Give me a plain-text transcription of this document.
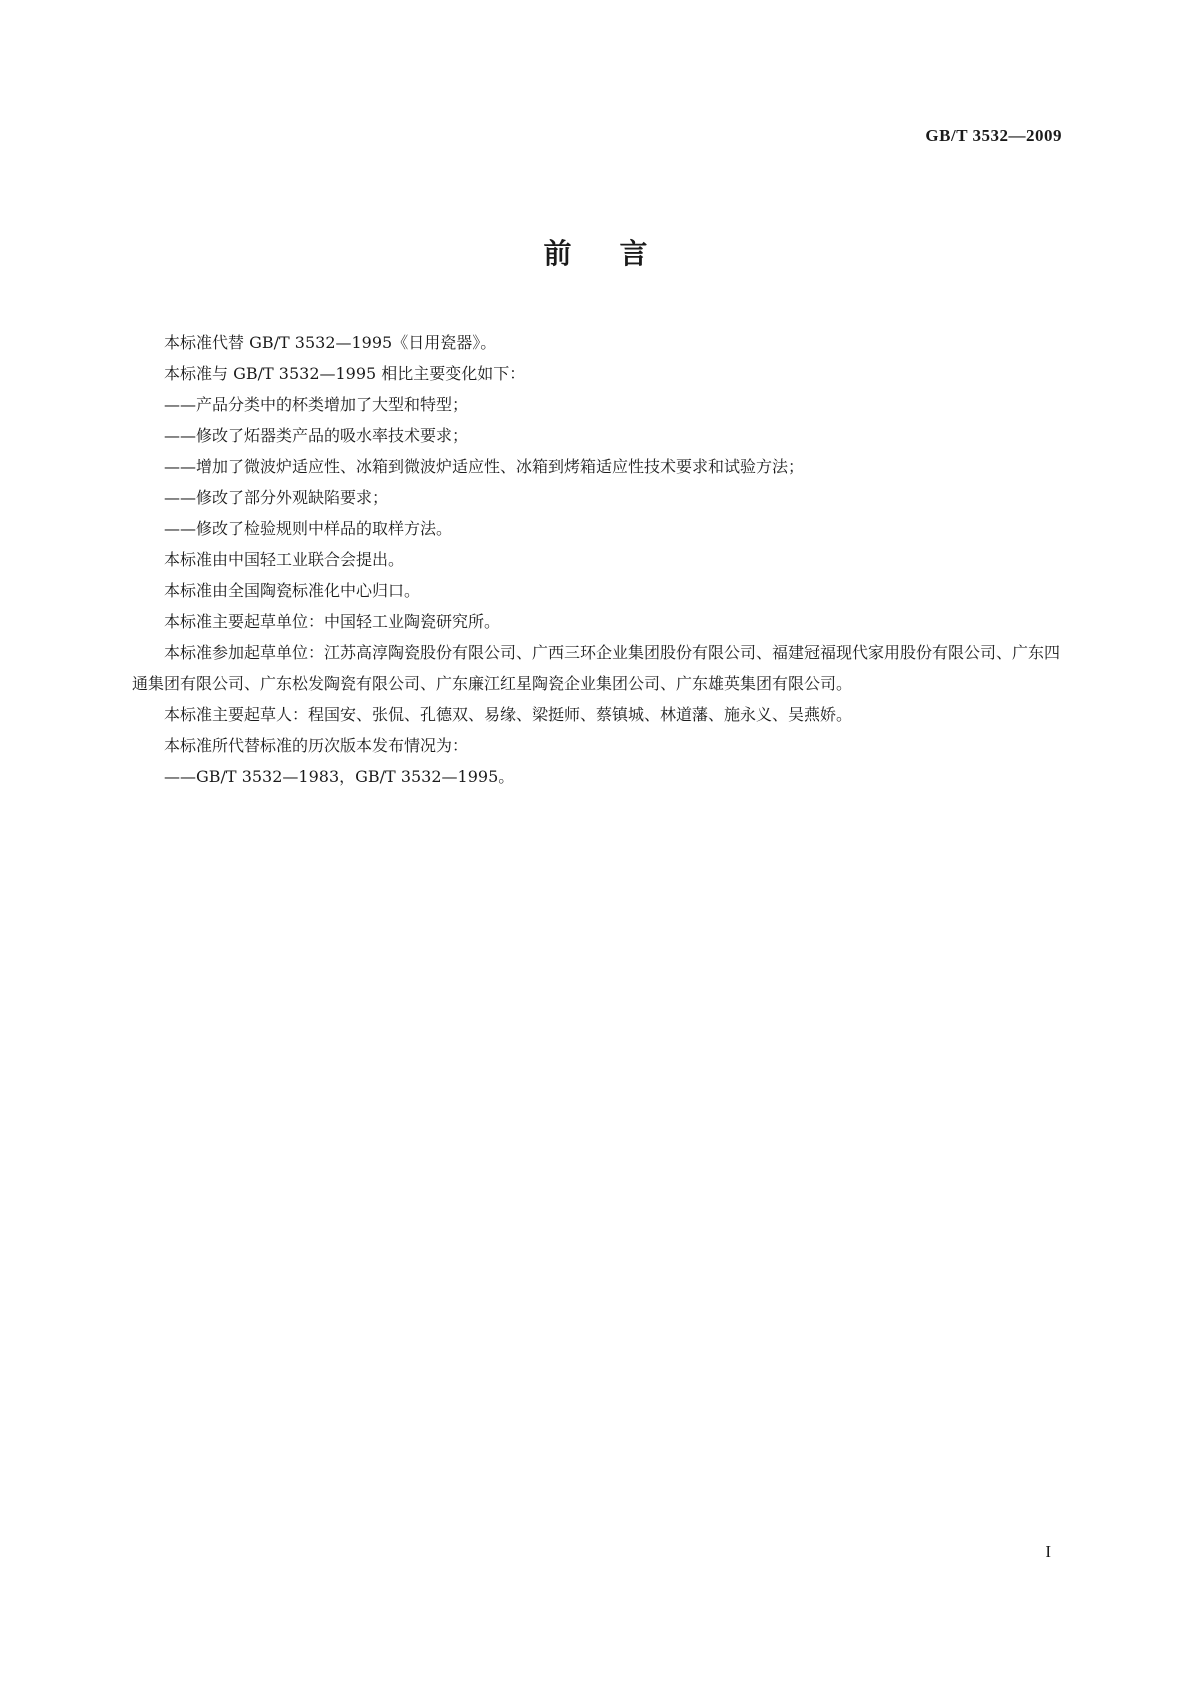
GB/T 3532—2009
前言

本标准代替 GB/T 3532—1995《日用瓷器》。

本标准与 GB/T 3532—1995 相比主要变化如下：

——产品分类中的杯类增加了大型和特型；

——修改了炻器类产品的吸水率技术要求；

——增加了微波炉适应性、冰箱到微波炉适应性、冰箱到烤箱适应性技术要求和试验方法；

——修改了部分外观缺陷要求；

——修改了检验规则中样品的取样方法。

本标准由中国轻工业联合会提出。

本标准由全国陶瓷标准化中心归口。

本标准主要起草单位：中国轻工业陶瓷研究所。

本标准参加起草单位：江苏高淳陶瓷股份有限公司、广西三环企业集团股份有限公司、福建冠福现代家用股份有限公司、广东四通集团有限公司、广东松发陶瓷有限公司、广东廉江红星陶瓷企业集团公司、广东雄英集团有限公司。

本标准主要起草人：程国安、张侃、孔德双、易缘、梁挺师、蔡镇城、林道藩、施永义、吴燕娇。

本标准所代替标准的历次版本发布情况为：

——GB/T 3532—1983，GB/T 3532—1995。

I
